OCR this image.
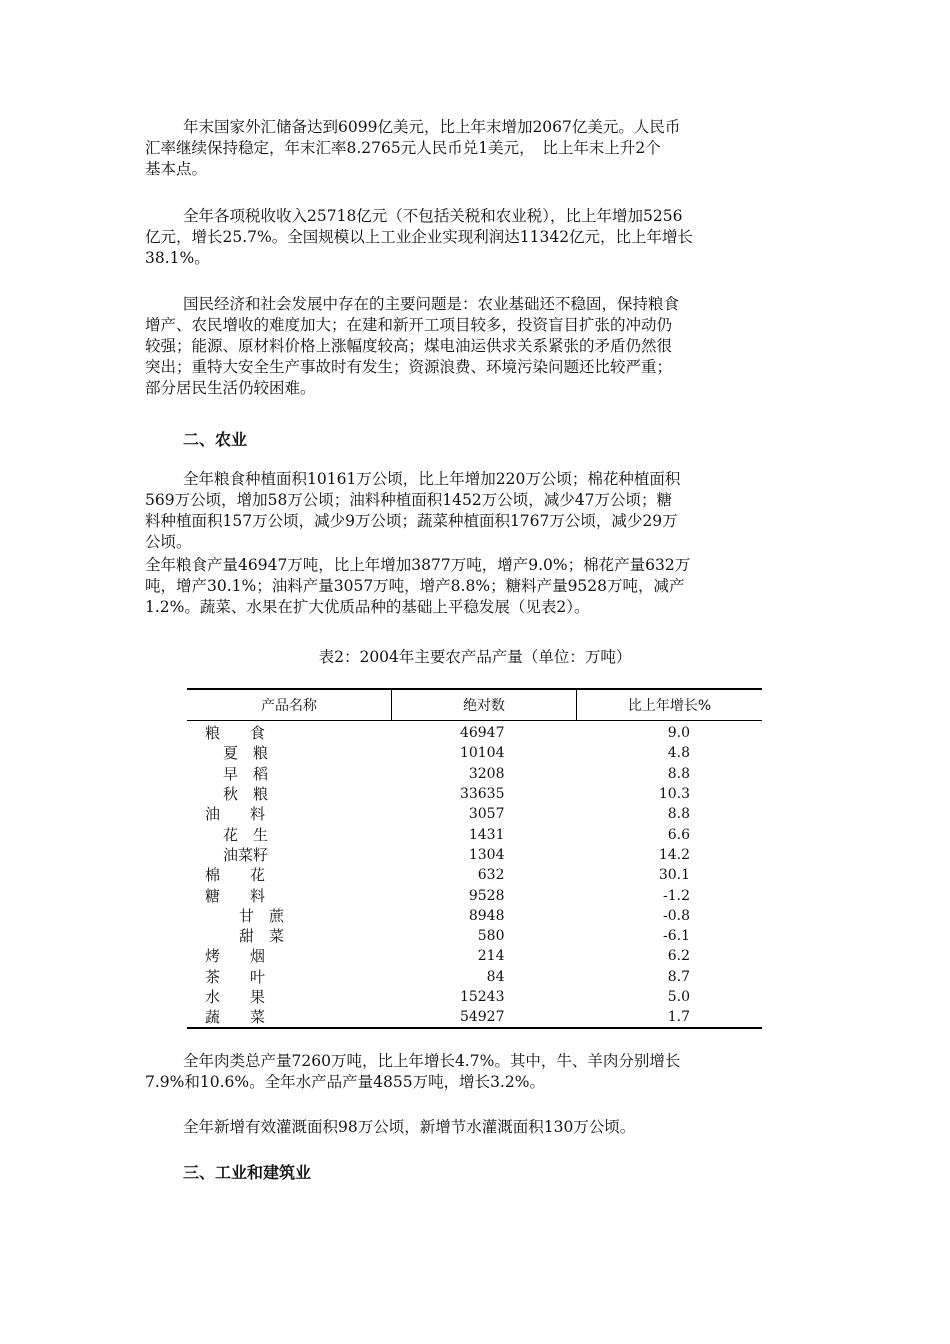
年末国家外汇储备达到6099亿美元，比上年末增加2067亿美元。人民币
汇率继续保持稳定，年末汇率8.2765元人民币兑1美元，　比上年末上升2个
基本点。
全年各项税收收入25718亿元（不包括关税和农业税），比上年增加5256
亿元，增长25.7%。全国规模以上工业企业实现利润达11342亿元，比上年增长
38.1%。
国民经济和社会发展中存在的主要问题是：农业基础还不稳固，保持粮食
增产、农民增收的难度加大；在建和新开工项目较多，投资盲目扩张的冲动仍
较强；能源、原材料价格上涨幅度较高；煤电油运供求关系紧张的矛盾仍然很
突出；重特大安全生产事故时有发生；资源浪费、环境污染问题还比较严重；
部分居民生活仍较困难。
二、农业
全年粮食种植面积10161万公顷，比上年增加220万公顷；棉花种植面积
569万公顷，增加58万公顷；油料种植面积1452万公顷，减少47万公顷；糖
料种植面积157万公顷，减少9万公顷；蔬菜种植面积1767万公顷，减少29万
公顷。
全年粮食产量46947万吨，比上年增加3877万吨，增产9.0%；棉花产量632万
吨，增产30.1%；油料产量3057万吨，增产8.8%；糖料产量9528万吨，减产
1.2%。蔬菜、水果在扩大优质品种的基础上平稳发展（见表2）。
表2：2004年主要农产品产量（单位：万吨）
产品名称	绝对数	比上年增长%
粮　　食	46947	9.0
夏　粮	10104	4.8
早　稻	3208	8.8
秋　粮	33635	10.3
油　　料	3057	8.8
花　生	1431	6.6
油菜籽	1304	14.2
棉　　花	632	30.1
糖　　料	9528	-1.2
甘　蔗	8948	-0.8
甜　菜	580	-6.1
烤　　烟	214	6.2
茶　　叶	84	8.7
水　　果	15243	5.0
蔬　　菜	54927	1.7
全年肉类总产量7260万吨，比上年增长4.7%。其中，牛、羊肉分别增长
7.9%和10.6%。全年水产品产量4855万吨，增长3.2%。
全年新增有效灌溉面积98万公顷，新增节水灌溉面积130万公顷。
三、工业和建筑业
